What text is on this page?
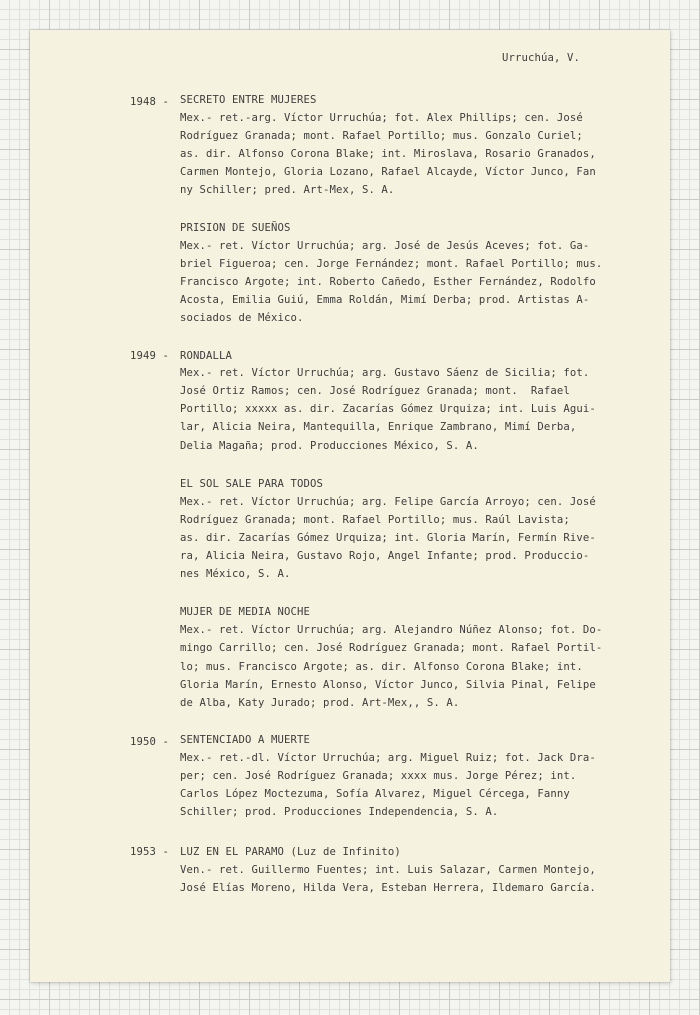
Urruchúa, V.

1948 -

SECRETO ENTRE MUJERES

Mex.- ret.-arg. Víctor Urruchúa; fot. Alex Phillips; cen. José

Rodríguez Granada; mont. Rafael Portillo; mus. Gonzalo Curiel;

as. dir. Alfonso Corona Blake; int. Miroslava, Rosario Granados,

Carmen Montejo, Gloria Lozano, Rafael Alcayde, Víctor Junco, Fan

ny Schiller; pred. Art-Mex, S. A.

PRISION DE SUEÑOS

Mex.- ret. Víctor Urruchúa; arg. José de Jesús Aceves; fot. Ga-

briel Figueroa; cen. Jorge Fernández; mont. Rafael Portillo; mus.

Francisco Argote; int. Roberto Cañedo, Esther Fernández, Rodolfo

Acosta, Emilia Guiú, Emma Roldán, Mimí Derba; prod. Artistas A-

sociados de México.

1949 -

RONDALLA

Mex.- ret. Víctor Urruchúa; arg. Gustavo Sáenz de Sicilia; fot.

José Ortiz Ramos; cen. José Rodríguez Granada; mont.  Rafael

Portillo; xxxxx as. dir. Zacarías Gómez Urquiza; int. Luis Agui-

lar, Alicia Neira, Mantequilla, Enrique Zambrano, Mimí Derba,

Delia Magaña; prod. Producciones México, S. A.

EL SOL SALE PARA TODOS

Mex.- ret. Víctor Urruchúa; arg. Felipe García Arroyo; cen. José

Rodríguez Granada; mont. Rafael Portillo; mus. Raúl Lavista;

as. dir. Zacarías Gómez Urquiza; int. Gloria Marín, Fermín Rive-

ra, Alicia Neira, Gustavo Rojo, Angel Infante; prod. Produccio-

nes México, S. A.

MUJER DE MEDIA NOCHE

Mex.- ret. Víctor Urruchúa; arg. Alejandro Núñez Alonso; fot. Do-

mingo Carrillo; cen. José Rodríguez Granada; mont. Rafael Portil-

lo; mus. Francisco Argote; as. dir. Alfonso Corona Blake; int.

Gloria Marín, Ernesto Alonso, Víctor Junco, Silvia Pinal, Felipe

de Alba, Katy Jurado; prod. Art-Mex,, S. A.

1950 -

SENTENCIADO A MUERTE

Mex.- ret.-dl. Víctor Urruchúa; arg. Miguel Ruiz; fot. Jack Dra-

per; cen. José Rodríguez Granada; xxxx mus. Jorge Pérez; int.

Carlos López Moctezuma, Sofía Alvarez, Miguel Cércega, Fanny

Schiller; prod. Producciones Independencia, S. A.

1953 -

LUZ EN EL PARAMO (Luz de Infinito)

Ven.- ret. Guillermo Fuentes; int. Luis Salazar, Carmen Montejo,

José Elías Moreno, Hilda Vera, Esteban Herrera, Ildemaro García.
